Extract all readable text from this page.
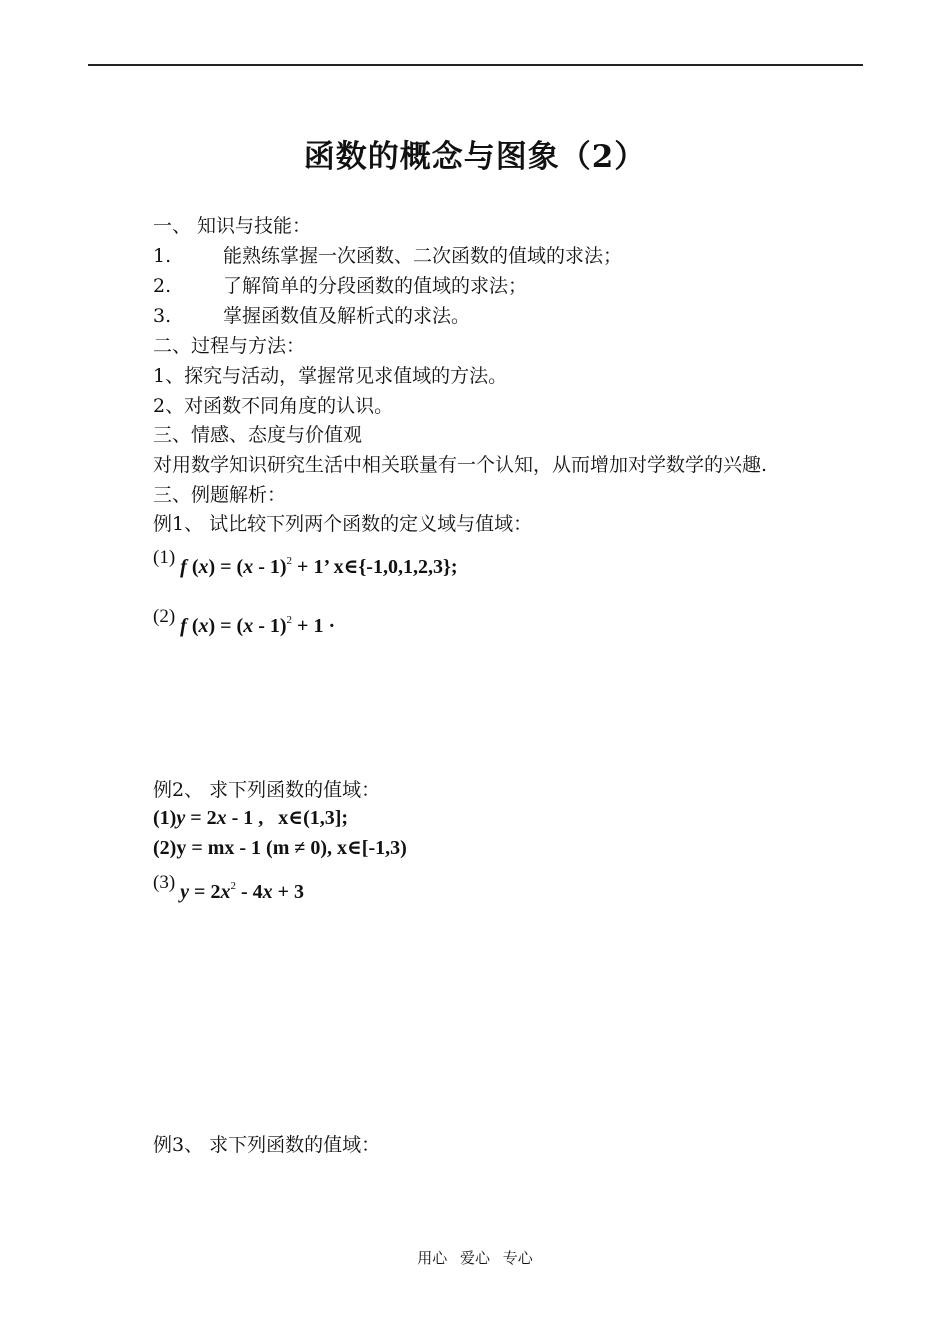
函数的概念与图象（2）
一、 知识与技能：
1.	能熟练掌握一次函数、二次函数的值域的求法；
2.	了解简单的分段函数的值域的求法；
3.	掌握函数值及解析式的求法。
二、过程与方法：
1、探究与活动，掌握常见求值域的方法。
2、对函数不同角度的认识。
三、情感、态度与价值观
对用数学知识研究生活中相关联量有一个认知，从而增加对学数学的兴趣.
三、例题解析：
例1、 试比较下列两个函数的定义域与值域：
(1) f (x) = (x - 1)$^2$ + 1’ x∈{-1,0,1,2,3};
(2) f (x) = (x - 1)$^2$ + 1 ·
例2、 求下列函数的值域：
(1)y = 2x - 1 ,   x∈(1,3];
(2)y = mx - 1 (m ≠ 0), x∈[-1,3)
(3) $y = 2x^2 - 4x + 3$
例3、 求下列函数的值域：
用心 爱心 专心
